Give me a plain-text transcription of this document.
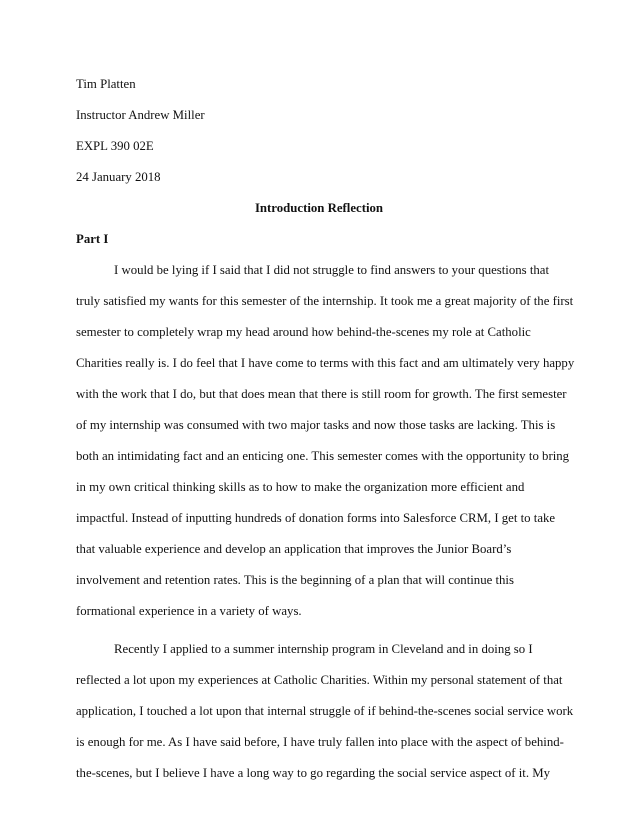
Tim Platten
Instructor Andrew Miller
EXPL 390 02E
24 January 2018
Introduction Reflection
Part I
I would be lying if I said that I did not struggle to find answers to your questions that
truly satisfied my wants for this semester of the internship. It took me a great majority of the first
semester to completely wrap my head around how behind-the-scenes my role at Catholic
Charities really is. I do feel that I have come to terms with this fact and am ultimately very happy
with the work that I do, but that does mean that there is still room for growth. The first semester
of my internship was consumed with two major tasks and now those tasks are lacking. This is
both an intimidating fact and an enticing one. This semester comes with the opportunity to bring
in my own critical thinking skills as to how to make the organization more efficient and
impactful. Instead of inputting hundreds of donation forms into Salesforce CRM, I get to take
that valuable experience and develop an application that improves the Junior Board’s
involvement and retention rates. This is the beginning of a plan that will continue this
formational experience in a variety of ways.
Recently I applied to a summer internship program in Cleveland and in doing so I
reflected a lot upon my experiences at Catholic Charities. Within my personal statement of that
application, I touched a lot upon that internal struggle of if behind-the-scenes social service work
is enough for me. As I have said before, I have truly fallen into place with the aspect of behind-
the-scenes, but I believe I have a long way to go regarding the social service aspect of it. My
